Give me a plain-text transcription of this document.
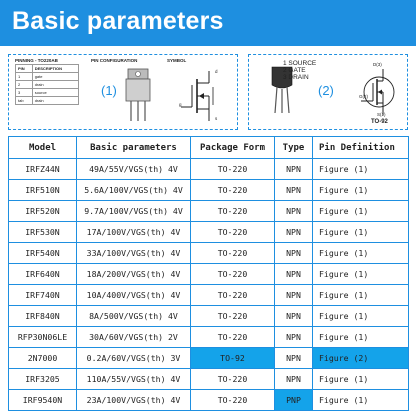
Basic parameters
PINNING - TO220AB	PIN CONFIGURATION	SYMBOL
PIN	DESCRIPTION
1	gate
2	drain
3	source
tab	drain
(1)
d
g
s
1 SOURCE
2 GATE
3 DRAIN
(2)
D(3)
G(2)
S(1)
TO-92
Model	Basic parameters	Package Form	Type	Pin Definition
IRFZ44N	49A/55V/VGS(th) 4V	TO-220	NPN	Figure (1)
IRF510N	5.6A/100V/VGS(th) 4V	TO-220	NPN	Figure (1)
IRF520N	9.7A/100V/VGS(th) 4V	TO-220	NPN	Figure (1)
IRF530N	17A/100V/VGS(th) 4V	TO-220	NPN	Figure (1)
IRF540N	33A/100V/VGS(th) 4V	TO-220	NPN	Figure (1)
IRF640N	18A/200V/VGS(th) 4V	TO-220	NPN	Figure (1)
IRF740N	10A/400V/VGS(th) 4V	TO-220	NPN	Figure (1)
IRF840N	8A/500V/VGS(th) 4V	TO-220	NPN	Figure (1)
RFP30N06LE	30A/60V/VGS(th) 2V	TO-220	NPN	Figure (1)
2N7000	0.2A/60V/VGS(th) 3V	TO-92	NPN	Figure (2)
IRF3205	110A/55V/VGS(th) 4V	TO-220	NPN	Figure (1)
IRF9540N	23A/100V/VGS(th) 4V	TO-220	PNP	Figure (1)
